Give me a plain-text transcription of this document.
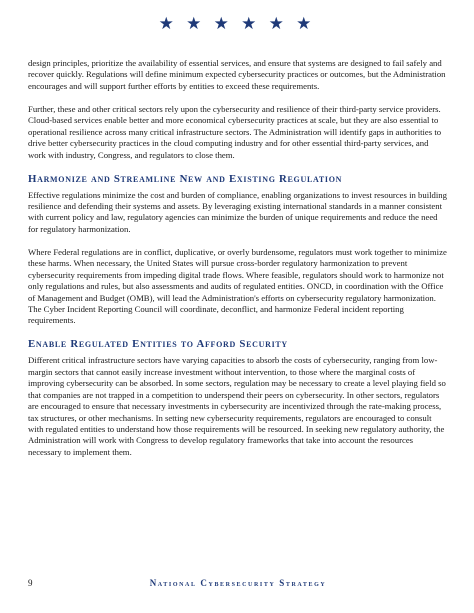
★ ★ ★ ★ ★ ★

design principles, prioritize the availability of essential services, and ensure that systems are designed to fail safely and recover quickly. Regulations will define minimum expected cybersecurity practices or outcomes, but the Administration encourages and will support further efforts by entities to exceed these requirements.

Further, these and other critical sectors rely upon the cybersecurity and resilience of their third-party service providers. Cloud-based services enable better and more economical cybersecurity practices at scale, but they are also essential to operational resilience across many critical infrastructure sectors. The Administration will identify gaps in authorities to drive better cybersecurity practices in the cloud computing industry and for other essential third-party services, and work with industry, Congress, and regulators to close them.

Harmonize and Streamline New and Existing Regulation

Effective regulations minimize the cost and burden of compliance, enabling organizations to invest resources in building resilience and defending their systems and assets. By leveraging existing international standards in a manner consistent with current policy and law, regulatory agencies can minimize the burden of unique requirements and reduce the need for regulatory harmonization.

Where Federal regulations are in conflict, duplicative, or overly burdensome, regulators must work together to minimize these harms. When necessary, the United States will pursue cross-border regulatory harmonization to prevent cybersecurity requirements from impeding digital trade flows. Where feasible, regulators should work to harmonize not only regulations and rules, but also assessments and audits of regulated entities. ONCD, in coordination with the Office of Management and Budget (OMB), will lead the Administration's efforts on cybersecurity regulatory harmonization. The Cyber Incident Reporting Council will coordinate, deconflict, and harmonize Federal incident reporting requirements.

Enable Regulated Entities to Afford Security

Different critical infrastructure sectors have varying capacities to absorb the costs of cybersecurity, ranging from low-margin sectors that cannot easily increase investment without intervention, to those where the marginal costs of improving cybersecurity can be absorbed. In some sectors, regulation may be necessary to create a level playing field so that companies are not trapped in a competition to underspend their peers on cybersecurity. In other sectors, regulators are encouraged to ensure that necessary investments in cybersecurity are incentivized through the rate-making process, tax structures, or other mechanisms. In setting new cybersecurity requirements, regulators are encouraged to consult with regulated entities to understand how those requirements will be resourced. In seeking new regulatory authority, the Administration will work with Congress to develop regulatory frameworks that take into account the resources necessary to implement them.

9	National Cybersecurity Strategy
